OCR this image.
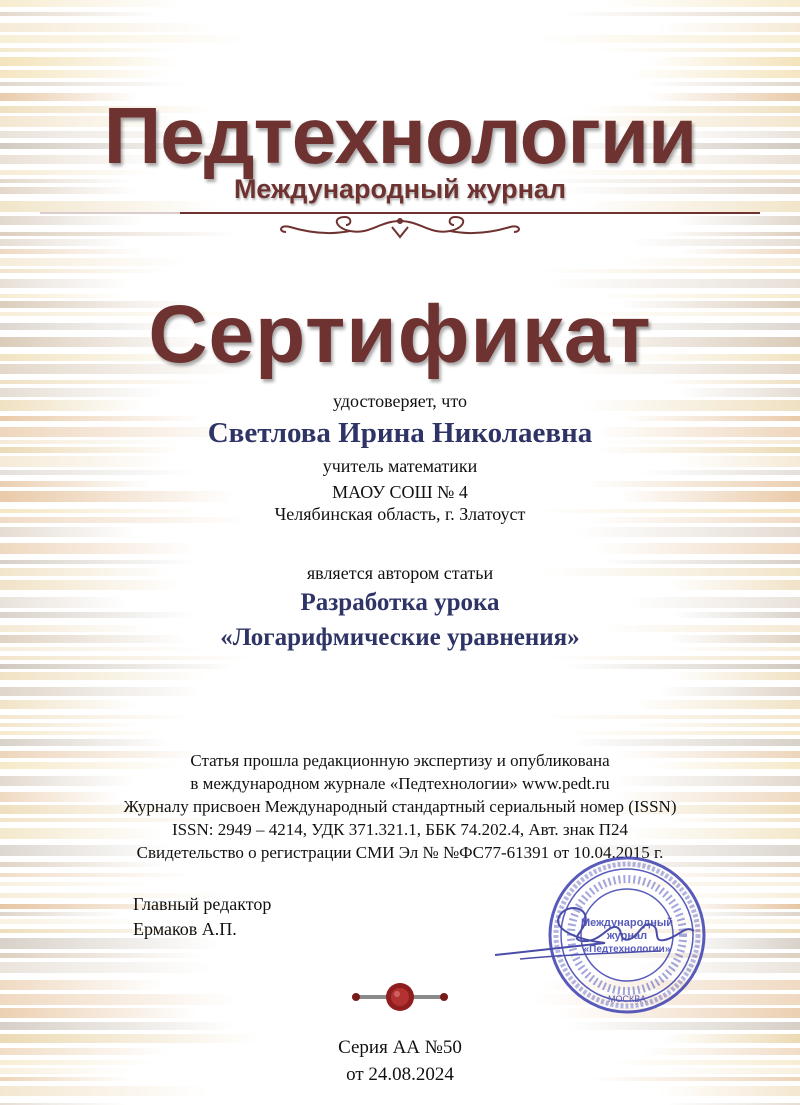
Педтехнологии
Международный журнал
Сертификат
удостоверяет, что
Светлова Ирина Николаевна
учитель математики
МАОУ СОШ № 4
Челябинская область, г. Златоуст
является автором статьи
Разработка урока
«Логарифмические уравнения»
Статья прошла редакционную экспертизу и опубликована
в международном журнале «Педтехнологии» www.pedt.ru
Журналу присвоен Международный стандартный сериальный номер (ISSN)
ISSN: 2949 – 4214, УДК 371.321.1, ББК 74.202.4, Авт. знак П24
Свидетельство о регистрации СМИ Эл № №ФС77-61391 от 10.04.2015 г.
Главный редактор
Ермаков А.П.	Международный
журнал
«Педтехнологии»
МОСКВА
Серия АА №50
от 24.08.2024
